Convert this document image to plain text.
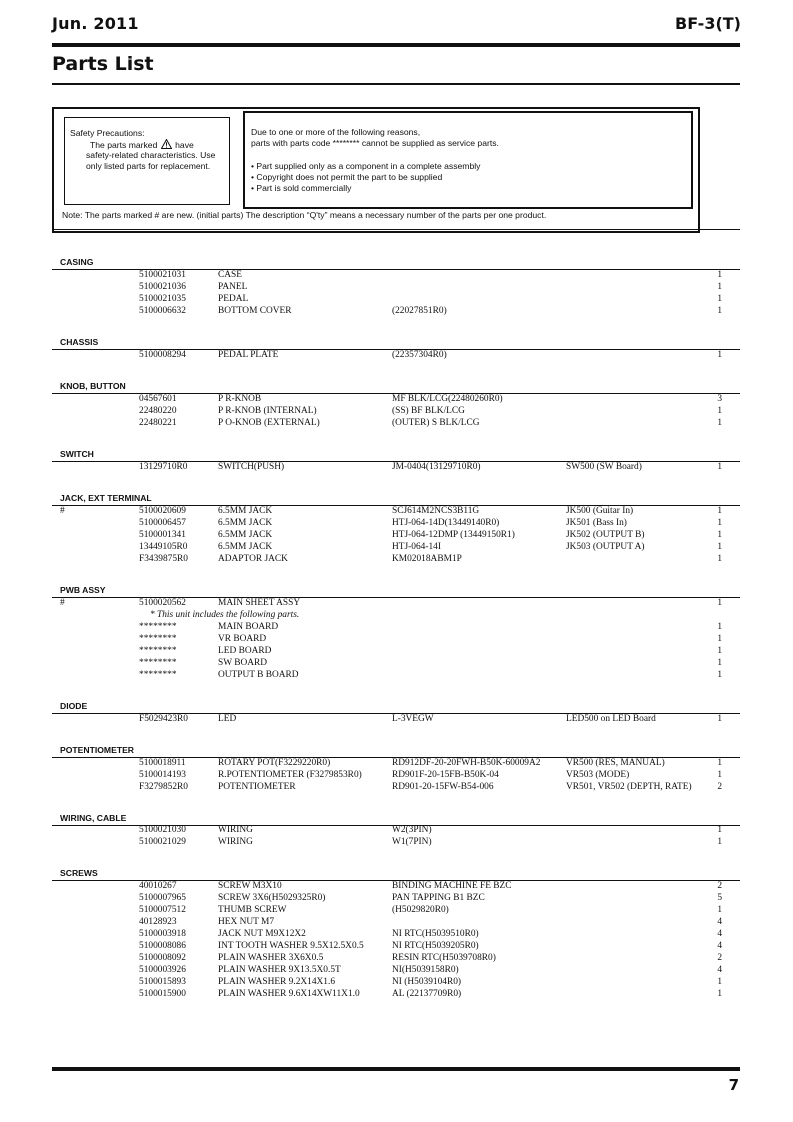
Jun. 2011	BF-3(T)
Parts List
Safety Precautions:
The parts marked have
safety-related characteristics. Use
only listed parts for replacement.
Due to one or more of the following reasons,
parts with parts code ******** cannot be supplied as service parts.
• Part supplied only as a component in a complete assembly
• Copyright does not permit the part to be supplied
• Part is sold commercially
Note: The parts marked # are new. (initial parts) The description “Q'ty” means a necessary number of the parts per one product.
CASING
5100021031	CASE	1
5100021036	PANEL	1
5100021035	PEDAL	1
5100006632	BOTTOM COVER	(22027851R0)	1
CHASSIS
5100008294	PEDAL PLATE	(22357304R0)	1
KNOB, BUTTON
04567601	P R-KNOB	MF BLK/LCG(22480260R0)	3
22480220	P R-KNOB (INTERNAL)	(SS) BF BLK/LCG	1
22480221	P O-KNOB (EXTERNAL)	(OUTER) S BLK/LCG	1
SWITCH
13129710R0	SWITCH(PUSH)	JM-0404(13129710R0)	SW500 (SW Board)	1
JACK, EXT TERMINAL
#	5100020609	6.5MM JACK	SCJ614M2NCS3B11G	JK500 (Guitar In)	1
5100006457	6.5MM JACK	HTJ-064-14D(13449140R0)	JK501 (Bass In)	1
5100001341	6.5MM JACK	HTJ-064-12DMP (13449150R1)	JK502 (OUTPUT B)	1
13449105R0	6.5MM JACK	HTJ-064-14I	JK503 (OUTPUT A)	1
F3439875R0	ADAPTOR JACK	KM02018ABM1P	1
PWB ASSY
#	5100020562	MAIN SHEET ASSY	1
* This unit includes the following parts.
********	MAIN BOARD	1
********	VR BOARD	1
********	LED BOARD	1
********	SW BOARD	1
********	OUTPUT B BOARD	1
DIODE
F5029423R0	LED	L-3VEGW	LED500 on LED Board	1
POTENTIOMETER
5100018911	ROTARY POT(F3229220R0)	RD912DF-20-20FWH-B50K-60009A2	VR500 (RES, MANUAL)	1
5100014193	R.POTENTIOMETER (F3279853R0)	RD901F-20-15FB-B50K-04	VR503 (MODE)	1
F3279852R0	POTENTIOMETER	RD901-20-15FW-B54-006	VR501, VR502 (DEPTH, RATE)	2
WIRING, CABLE
5100021030	WIRING	W2(3PIN)	1
5100021029	WIRING	W1(7PIN)	1
SCREWS
40010267	SCREW M3X10	BINDING MACHINE FE BZC	2
5100007965	SCREW 3X6(H5029325R0)	PAN TAPPING B1 BZC	5
5100007512	THUMB SCREW	(H5029820R0)	1
40128923	HEX NUT M7	4
5100003918	JACK NUT M9X12X2	NI RTC(H5039510R0)	4
5100008086	INT TOOTH WASHER 9.5X12.5X0.5	NI RTC(H5039205R0)	4
5100008092	PLAIN WASHER 3X6X0.5	RESIN RTC(H5039708R0)	2
5100003926	PLAIN WASHER 9X13.5X0.5T	NI(H5039158R0)	4
5100015893	PLAIN WASHER 9.2X14X1.6	NI (H5039104R0)	1
5100015900	PLAIN WASHER 9.6X14XW11X1.0	AL (22137709R0)	1
7
